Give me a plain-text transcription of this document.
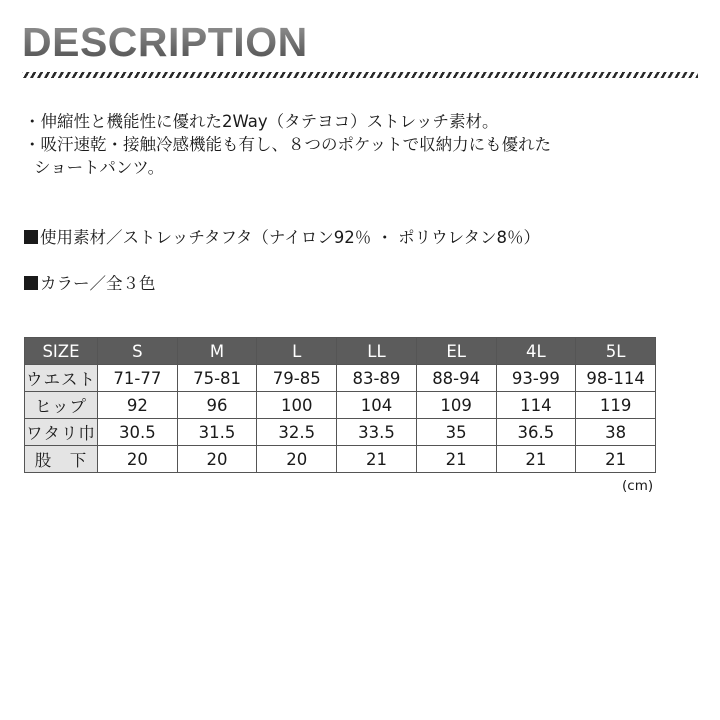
DESCRIPTION
・伸縮性と機能性に優れた2Way（タテヨコ）ストレッチ素材。
・吸汗速乾・接触冷感機能も有し、８つのポケットで収納力にも優れた
ショートパンツ。
使用素材／ストレッチタフタ（ナイロン92％ ・ ポリウレタン8％）
カラー／全３色
SIZE	S	M	L	LL	EL	4L	5L
ウエスト	71-77	75-81	79-85	83-89	88-94	93-99	98-114
ヒップ	92	96	100	104	109	114	119
ワタリ巾	30.5	31.5	32.5	33.5	35	36.5	38
股　下	20	20	20	21	21	21	21
(cm)
